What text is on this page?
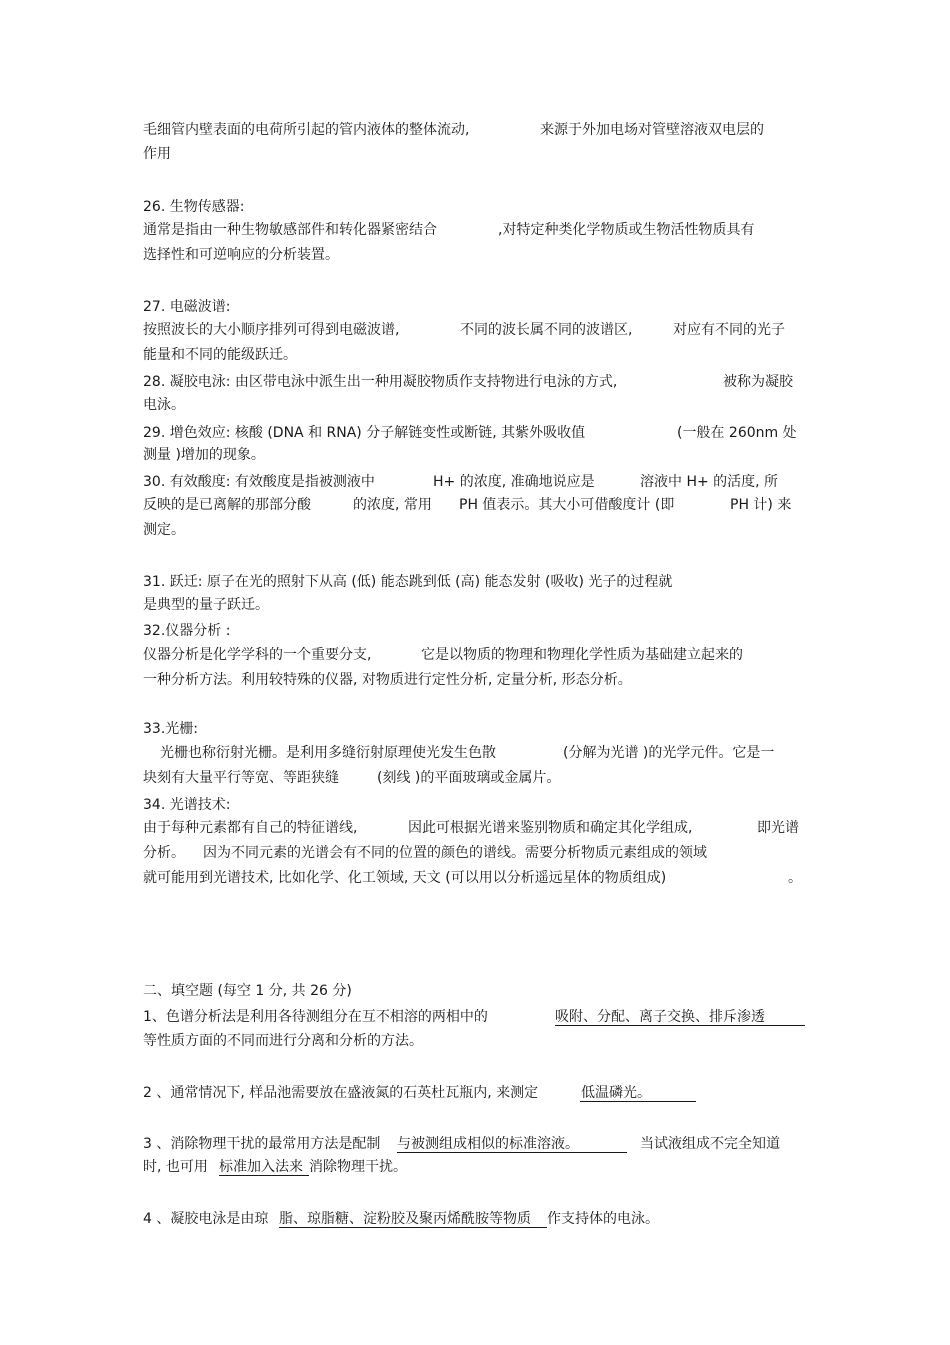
毛细管内壁表面的电荷所引起的管内液体的整体流动,	来源于外加电场对管壁溶液双电层的
作用
26. 生物传感器:
通常是指由一种生物敏感部件和转化器紧密结合	,对特定种类化学物质或生物活性物质具有
选择性和可逆响应的分析装置。
27. 电磁波谱:
按照波长的大小顺序排列可得到电磁波谱,	不同的波长属不同的波谱区,	对应有不同的光子
能量和不同的能级跃迁。
28. 凝胶电泳: 由区带电泳中派生出一种用凝胶物质作支持物进行电泳的方式,	被称为凝胶
电泳。
29. 增色效应: 核酸 (DNA 和 RNA) 分子解链变性或断链, 其紫外吸收值	(一般在 260nm 处
测量 )增加的现象。
30. 有效酸度: 有效酸度是指被测液中	H+ 的浓度, 准确地说应是	溶液中 H+ 的活度, 所
反映的是已离解的那部分酸	的浓度, 常用 PH 值表示。其大小可借酸度计 (即	PH 计) 来
测定。
31. 跃迁: 原子在光的照射下从高 (低) 能态跳到低 (高) 能态发射 (吸收) 光子的过程就
是典型的量子跃迁。
32.仪器分析 :
仪器分析是化学学科的一个重要分支,	它是以物质的物理和物理化学性质为基础建立起来的
一种分析方法。利用较特殊的仪器, 对物质进行定性分析, 定量分析, 形态分析。
33.光栅:
光栅也称衍射光栅。是利用多缝衍射原理使光发生色散	(分解为光谱 )的光学元件。它是一
块刻有大量平行等宽、等距狭缝	(刻线 )的平面玻璃或金属片。
34. 光谱技术:
由于每种元素都有自己的特征谱线,	因此可根据光谱来鉴别物质和确定其化学组成,	即光谱
分析。 因为不同元素的光谱会有不同的位置的颜色的谱线。需要分析物质元素组成的领域
就可能用到光谱技术, 比如化学、化工领域, 天文 (可以用以分析遥远星体的物质组成)	。
二、填空题 (每空 1 分, 共 26 分)
1、色谱分析法是利用各待测组分在互不相溶的两相中的	吸附、分配、离子交换、排斥渗透
等性质方面的不同而进行分离和分析的方法。
2 、通常情况下, 样品池需要放在盛液氮的石英杜瓦瓶内, 来测定	低温磷光。
3 、消除物理干扰的最常用方法是配制 与被测组成相似的标准溶液。	当试液组成不完全知道
时, 也可用 标准加入法来 消除物理干扰。
4 、凝胶电泳是由琼 脂、琼脂糖、淀粉胶及聚丙烯酰胺等物质 作支持体的电泳。
